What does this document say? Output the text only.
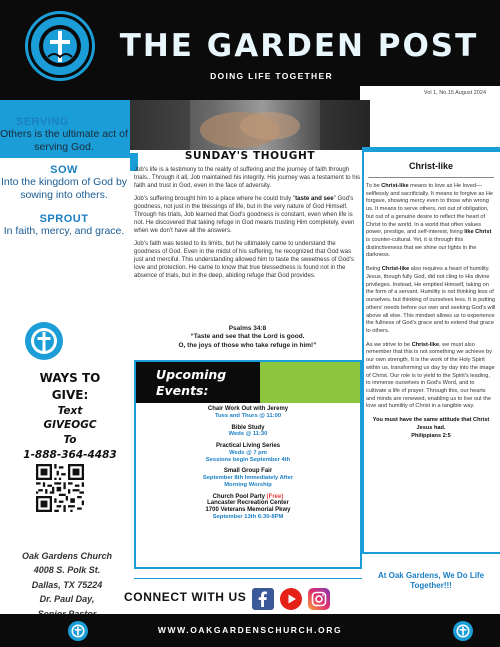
THE GARDEN POST
Vol 1, No.15 August 2024
DOING LIFE TOGETHER
SERVING

Others is the ultimate act of serving God.

SOW

Into the kingdom of God by sowing into others.

SPROUT

In faith, mercy, and grace.

WAYS TO
GIVE:
Text
GIVEOGC
To
1-888-364-4483
Oak Gardens Church
4008 S. Polk St.
Dallas, TX 75224
Dr. Paul Day,
SUNDAY'S THOUGHT

Job's life is a testimony to the reality of suffering and the journey of faith through trials.. Through it all, Job maintained his integrity. His journey was a testament to his faith and trust in God, even in the face of adversity.

Job's suffering brought him to a place where he could truly "taste and see" God's goodness, not just in the blessings of life, but in the very nature of God Himself. Through his trials, Job learned that God's goodness is constant, even when life is not. He discovered that taking refuge in God means trusting Him completely, even when we don't have all the answers.

Job's faith was tested to its limits, but he ultimately came to understand the goodness of God. Even in the midst of his suffering, he recognized that God was just and merciful. This understanding allowed him to taste the sweetness of God's love and protection. He came to know that true blessedness is found not in the absence of trials, but in the deep, abiding refuge that God provides.

Psalms 34:8
“Taste and see that the Lord is good.
O, the joys of those who take refuge in him!”
Upcoming
Events:
Chair Work Out with Jeremy
Tues and Thurs @ 11:00
Bible Study
Weds @ 11:30
Practical Living Series
Weds @ 7 pm
Sessions begin September 4th
Small Group Fair
September 8th Immediately After
Morning Worship
Church Pool Party (Free)
Lancaster Recreation Center
1700 Veterans Memorial Pkwy
September 13th 6:30-8PM
Christ-like

To be Christ-like means to love as He loved—selflessly and sacrificially. It means to forgive as He forgave, showing mercy even to those who wrong us. It means to serve others, not out of obligation, but out of a genuine desire to reflect the heart of Christ to the world. In a world that often values power, prestige, and self-interest, living like Christ is counter-cultural. Yet, it is through this distinctiveness that we shine our lights in the darkness.

Being Christ-like also requires a heart of humility. Jesus, though fully God, did not cling to His divine privileges. Instead, He emptied Himself, taking on the form of a servant. Humility is not thinking less of ourselves, but thinking of ourselves less. It is putting others' needs before our own and seeking God's will above all else. This mindset allows us to experience the fullness of God's grace and to extend that grace to others.

As we strive to be Christ-like, we must also remember that this is not something we achieve by our own strength. It is the work of the Holy Spirit within us, transforming us day by day into the image of Christ. Our role is to yield to the Spirit's leading, to immerse ourselves in God's Word, and to cultivate a life of prayer. Through this, our hearts and minds are renewed, enabling us to live out the love and humility of Christ in a tangible way.

You must have the same attitude that Christ Jesus had.
Philippians 2:5
At Oak Gardens, We Do Life Together!!!
CONNECT WITH US
WWW.OAKGARDENSCHURCH.ORG
